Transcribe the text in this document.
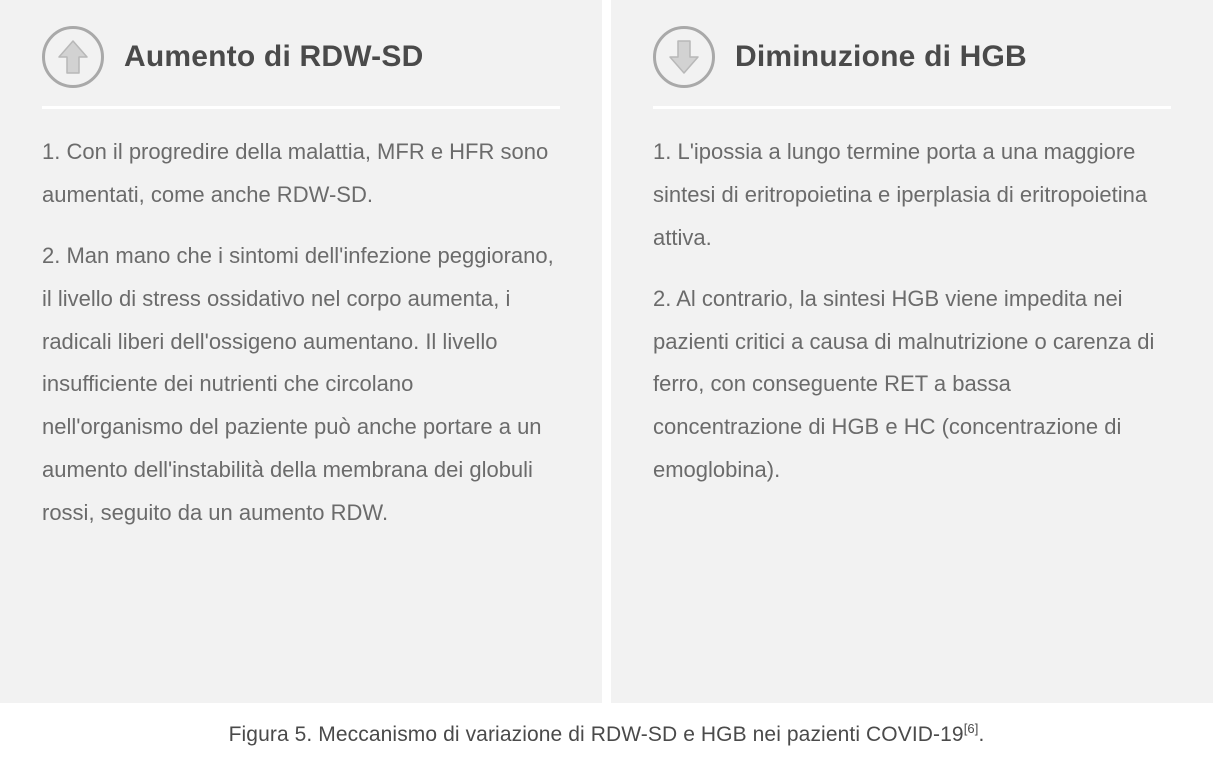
Aumento di RDW-SD

1. Con il progredire della malattia, MFR e HFR sono aumentati, come anche RDW-SD.

2. Man mano che i sintomi dell'infezione peggiorano, il livello di stress ossidativo nel corpo aumenta, i radicali liberi dell'ossigeno aumentano. Il livello insufficiente dei nutrienti che circolano nell'organismo del paziente può anche portare a un aumento dell'instabilità della membrana dei globuli rossi, seguito da un aumento RDW.

Diminuzione di HGB

1. L'ipossia a lungo termine porta a una maggiore sintesi di eritropoietina e iperplasia di eritropoietina attiva.

2. Al contrario, la sintesi HGB viene impedita nei pazienti critici a causa di malnutrizione o carenza di ferro, con conseguente RET a bassa concentrazione di HGB e HC (concentrazione di emoglobina).

Figura 5. Meccanismo di variazione di RDW-SD e HGB nei pazienti COVID-19[6].
